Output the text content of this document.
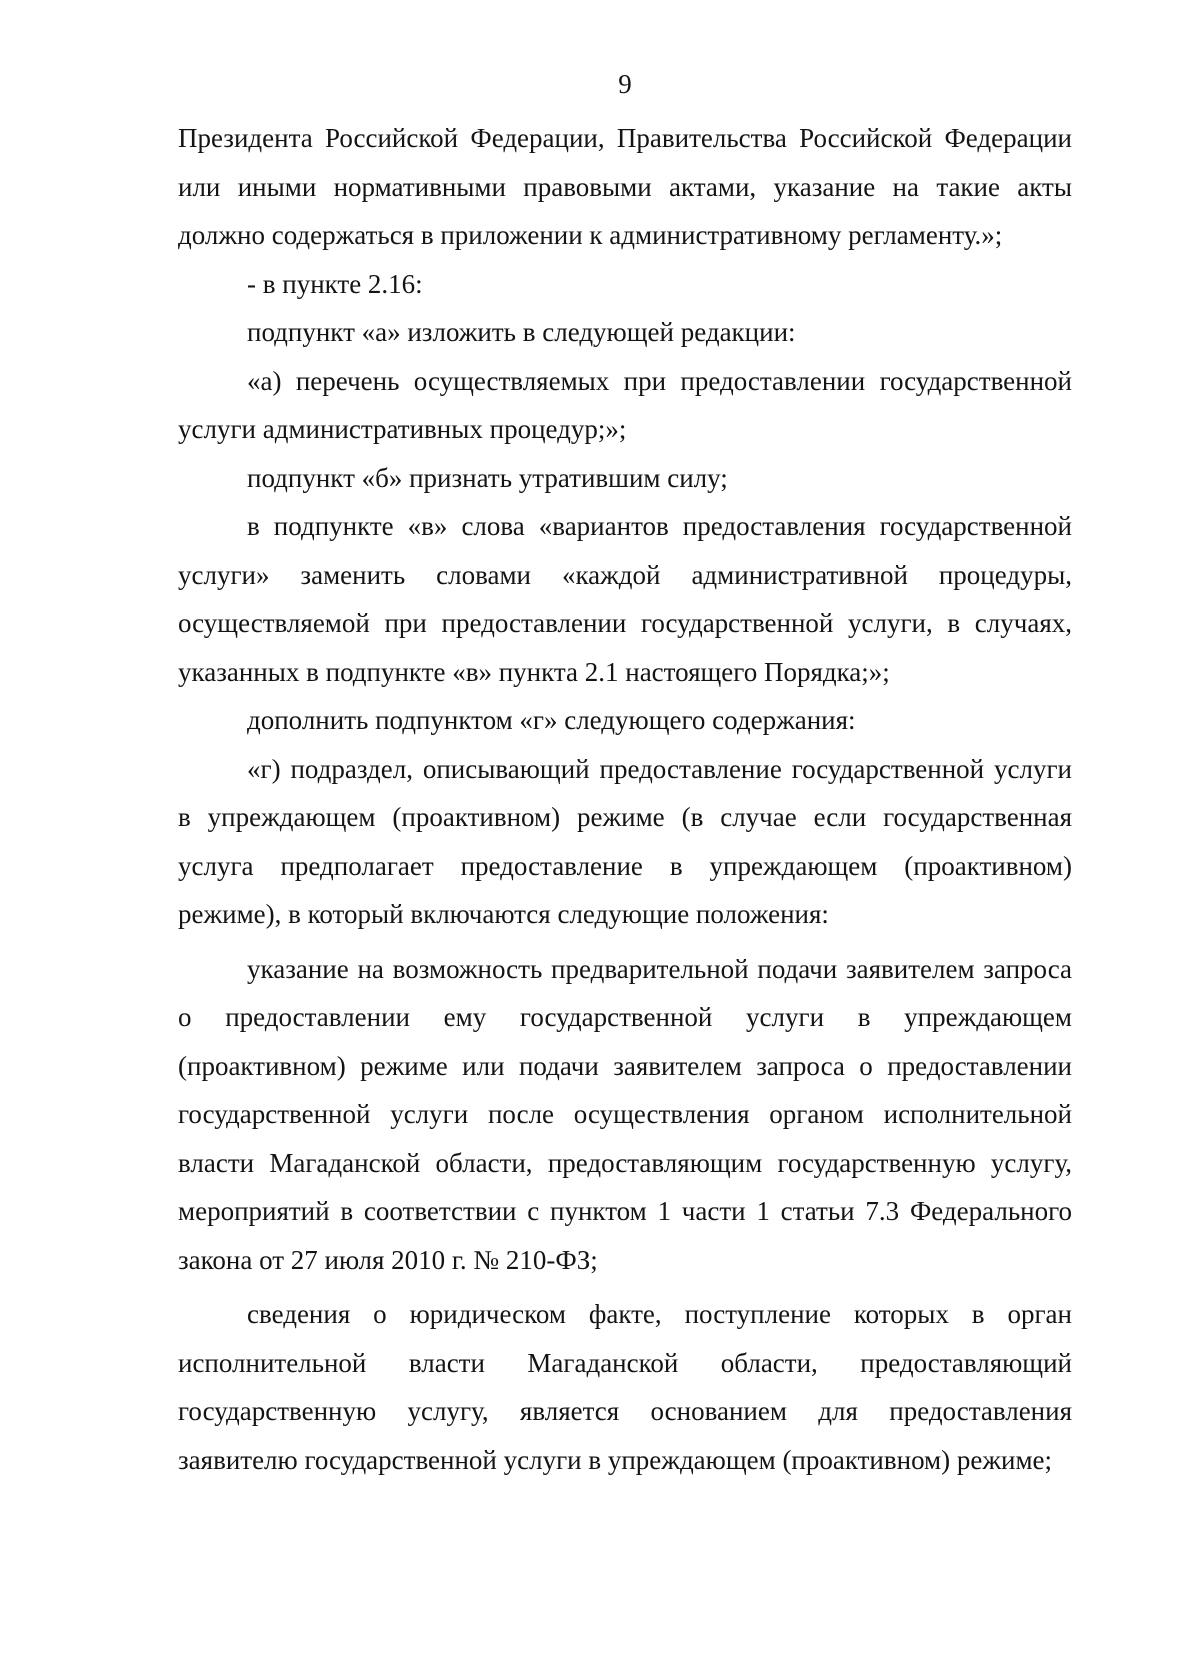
9

Президента Российской Федерации, Правительства Российской Федерации или иными нормативными правовыми актами, указание на такие акты должно содержаться в приложении к административному регламенту.»;

- в пункте 2.16:

подпункт «а» изложить в следующей редакции:

«а) перечень осуществляемых при предоставлении государственной услуги административных процедур;»;

подпункт «б» признать утратившим силу;

в подпункте «в» слова «вариантов предоставления государственной услуги» заменить словами «каждой административной процедуры, осуществляемой при предоставлении государственной услуги, в случаях, указанных в подпункте «в» пункта 2.1 настоящего Порядка;»;

дополнить подпунктом «г» следующего содержания:

«г) подраздел, описывающий предоставление государственной услуги в упреждающем (проактивном) режиме (в случае если государственная услуга предполагает предоставление в упреждающем (проактивном) режиме), в который включаются следующие положения:

указание на возможность предварительной подачи заявителем запроса о предоставлении ему государственной услуги в упреждающем (проактивном) режиме или подачи заявителем запроса о предоставлении государственной услуги после осуществления органом исполнительной власти Магаданской области, предоставляющим государственную услугу, мероприятий в соответствии с пунктом 1 части 1 статьи 7.3 Федерального закона от 27 июля 2010 г. № 210-ФЗ;

сведения о юридическом факте, поступление которых в орган исполнительной власти Магаданской области, предоставляющий государственную услугу, является основанием для предоставления заявителю государственной услуги в упреждающем (проактивном) режиме;
